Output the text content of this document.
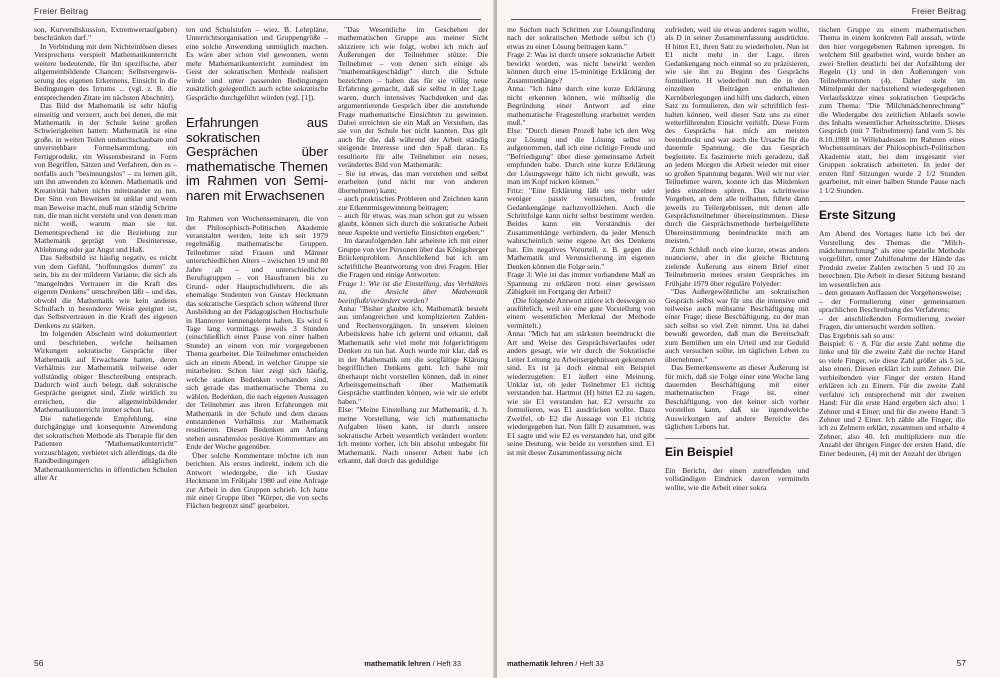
Freier Beitrag

son, Kurvendiskussion, Extremwertaufgaben) beschränken darf."

In Verbindung mit dem Nichteinlösen dieses Versprechens verspielt Mathematikunterricht weitere bedeutende, für ihn spezifische, aber allgemeinbildende Chancen: Selbstvergewisserung des eigenen Erkennens, Einsicht in die Bedingungen des Irrtums ... (vgl. z. B. die entsprechenden Zitate im nächsten Abschnitt).

Das Bild der Mathematik ist sehr häufig einseitig und verzerrt, auch bei denen, die mit Mathematik in der Schule keine großen Schwierigkeiten hatten: Mathematik ist eine große, in weiten Teilen undurchschaubare und unverstehbare Formelsammlung, ein Fertigprodukt, ein Wissensbestand in Form von Begriffen, Sätzen und Verfahren, den es – notfalls auch "besinnungslos" – zu lernen gilt, um ihn anwenden zu können. Mathematik und Kreativität haben nichts miteinander zu tun. Der Sinn von Beweisen ist unklar und wenn man Beweise macht, muß man ständig Schritte tun, die man nicht versteht und von denen man nicht weiß, warum man sie tut. Dementsprechend ist die Beziehung zur Mathematik geprägt von Desinteresse, Ablehnung oder gar Angst und Haß.

Das Selbstbild ist häufig negativ, es reicht von dem Gefühl, "hoffnungslos dumm" zu sein, bis zu der milderen Variante, die sich als "mangelndes Vertrauen in die Kraft des eigenen Denkens" umschreiben läßt – und das, obwohl die Mathematik wie kein anderes Schulfach in besonderer Weise geeignet ist, das Selbstvertrauen in die Kraft des eigenen Denkens zu stärken.

Im folgenden Abschnitt wird dokumentiert und beschrieben, welche heilsamen Wirkungen sokratische Gespräche über Mathematik auf Erwachsene hatten, deren Verhältnis zur Mathematik teilweise oder vollständig obiger Beschreibung entsprach. Dadurch wird auch belegt, daß sokratische Gespräche geeignet sind, Ziele wirklich zu erreichen, die allgemeinbildender Mathematikunterricht immer schon hat.

Die naheliegende Empfehlung, eine durchgängige und konsequente Anwendung der sokratischen Methode als Therapie für den Patienten "Mathematikunterricht" vorzuschlagen, verbietet sich allerdings, da die Randbedingungen alltäglichen Mathematikunterrichts in öffentlichen Schulen aller Ar

ten und Schulstufen – wiez. B. Lehrpläne, Unterrichtsorganisation und Gruppengröße – eine solche Anwendung unmöglich machen. Es wäre aber schon viel gewonnen, wenn mehr Mathematikunterricht zumindest im Geist der sokratischen Methode realisiert würde und unter passenden Bedingungen zusätzlich gelegentlich auch echte sokratische Gespräche durchgeführt würden (vgl. [1]).

Erfahrungen aus sokratischen Gesprächen über mathematische Themen im Rahmen von Seminaren mit Erwachsenen

Im Rahmen von Wochenseminaren, die von der Philosophisch-Politischen Akademie veranstaltet werden, leite ich seit 1979 regelmäßig mathematische Gruppen. Teilnehmer sind Frauen und Männer unterschiedlichen Alters – zwischen 19 und 80 Jahre alt – und unterschiedlicher Berufsgruppen – von Hausfrauen bis zu Grund- oder Hauptschullehrern, die als ehemalige Studenten von Gustav Heckmann das sokratische Gespräch schon während ihrer Ausbildung an der Pädagogischen Hochschule in Hannover kennengelernt haben. Es wird 6 Tage lang vormittags jeweils 3 Stunden (einschließlich einer Pause von einer halben Stunde) an einem von mir vorgegebenen Thema gearbeitet. Die Teilnehmer entscheiden sich an einem Abend, in welcher Gruppe sie mitarbeiten. Schon hier zeigt sich häufig, welche starken Bedenken vorhanden sind, sich gerade das mathematische Thema zu wählen. Bedenken, die nach eigenen Aussagen der Teilnehmer aus ihren Erfahrungen mit Mathematik in der Schule und dem daraus entstandenen Verhältnis zur Mathematik resultieren. Diesen Bedenken am Anfang stehen ausnahmslos positive Kommentare am Ende der Woche gegenüber.

Über solche Kommentare möchte ich nun berichten. Als erstes indirekt, indem ich die Antwort wiedergebe, die ich Gustav Heckmann im Frühjahr 1980 auf eine Anfrage zur Arbeit in den Gruppen schrieb. Ich hatte mit einer Gruppe über "Körper, die von sechs Flächen begrenzt sind" gearbeitet.

"Das Wesentliche im Geschehen der mathematischen Gruppe aus meiner Sicht skizziere ich wie folgt, wobei ich mich auf Äußerungen der Teilnehmer stütze: Die Teilnehmer – von denen sich einige als "mathematikgeschädigt" durch die Schule bezeichnen – haben das für sie völlig neue Erfahrung gemacht, daß sie selbst in der Lage waren, durch intensives Nachdenken und das argumentierende Gespräch über die anstehende Frage mathematische Einsichten zu gewinnen. Dabei erreichten sie ein Maß an Verstehen, das sie von der Schule her nicht kannten. Das gilt auch für die, daß während der Arbeit ständig steigende Interesse und den Spaß daran. Es resultierte für alle Teilnehmer ein neues, verändertes Bild von Mathematik:

– Sie ist etwas, das man verstehen und selbst erarbeiten (und nicht nur von anderen übernehmen) kann;

– auch praktisches Probleren und Zeichnen kann zur Erkenntnisgewinnung beitragen;

– auch für etwas, was man schon gut zu wissen glaubt, können sich durch die sokratische Arbeit neue Aspekte und vertiefte Einsichten ergeben."

Im daraufolgenden Jahr arbeitete ich mit einer Gruppe von vier Personen über das Königsberger Brückenproblem. Anschließend bat ich um schriftliche Beantwortung von drei Fragen. Hier die Fragen und einige Antworten:

Frage 1: Wie ist die Einstellung, das Verhältnis zu, die Ansicht über Mathematik beeinflußt/verändert worden?

Anna: "Bisher glaubte ich, Mathematik besteht aus umfangreichen und komplizierten Zahlen- und Rechenvorgängen. In unserem kleinen Arbeitskreis habe ich gelernt und erkannt, daß Mathematik sehr viel mehr mit folgerichtigem Denken zu tun hat. Auch wurde mir klar, daß es in der Mathematik um die sorgfältige Klärung begrifflichen Denkens geht. Ich habe mir überhaupt nicht vorstellen können, daß in einer Arbeitsgemeinschaft über Mathematik Gespräche stattfinden können, wie wir sie erlebt haben."

Else: "Meine Einstellung zur Mathematik, d. h. meine Vorstellung, wie ich mathematische Aufgaben lösen kann, ist durch unsere sokratische Arbeit wesentlich verändert worden: Ich meinte vorher, ich bin absolut unbegabt für Mathematik. Nach unserer Arbeit habe ich erkannt, daß durch das geduldige

56	mathematik lehren / Heft 33
Freier Beitrag

me Suchen nach Schritten zur Lösungsfindung nach der sokratischen Methode selbst ich (!) etwas zu einer Lösung beitragen kann."

Frage 2: Was ist durch unsere sokratische Arbeit bewirkt worden, was nicht bewirkt werden können durch eine 15-minütige Erklärung der Zusammenhänge?

Anna: "Ich hätte durch eine kurze Erklärung nicht erkennen können, wie mühselig die Begründung einer Antwort auf eine mathematische Fragestellung erarbeitet werden muß."

Else: "Durch diesen Prozeß habe ich den Weg zur Lösung und die Lösung selbst so aufgenommen, daß ich eine richtige Freude und "Befriedigung" über diese gemeinsame Arbeit empfunden habe. Durch eine kurze Erklärung der Lösungswege hätte ich nicht gewußt, was man im Kopf nicken können."

Fritz: "Eine Erklärung läßt uns mehr oder weniger passiv versuchen, fremde Gedankengänge nachzuvollziehen. Auch die Schrittfolge kann nicht selbst bestimmt werden. Beides kann ein Verständnis der Zusammenhänge verhindern, da jeder Mensch wahrscheinlich seine eigene Art des Denkens hat. Ein negatives Vorurteil, z. B. gegen die Mathematik und Verunsicherung im eigenen Denken können die Folge sein."

Frage 3: Wie ist das immer vorhandene Maß an Spannung zu erklären trotz einer gewissen Zähigkeit im Fortgang der Arbeit?

(Die folgende Antwort zitiere ich deswegen so ausführlich, weil sie eine gute Vorstellung von einem wesentlichen Merkmal der Methode vermittelt.)

Anna: "Mich hat am stärksten beeindruckt die Art und Weise des Gesprächsverlaufes oder anders gesagt, wie wir durch die Sokratische Leiter Leitung zu Arbeitsergebnissen gekommen sind. Es ist ja doch einmal ein Beispiel wiederzugeben: E1 äußert eine Meinung. Unklar ist, ob jeder Teilnehmer E1 richtig verstanden hat. Hartmut (H) bittet E2 zu sagen, wie sie E1 verstanden hat. E2 versucht zu formulieren, was E1 ausdrücken wollte. Dazu Zweifel, ob E2 die Aussage von E1 richtig wiedergegeben hat. Nun fällt D zusammen, was E1 sagte und wie E2 es verstanden hat, und gibt seine Deutung, wie beide zu verstehen sind. E1 ist mit dieser Zusammenfassung nicht

zufrieden, weil sie etwas anderes sagen wollte, als D in seiner Zusammenfassung ausdrückte. H bittet E1, ihren Satz zu wiederholen. Nun ist E1 nicht mehr in der Lage, ihren Gedankengang noch einmal so zu präzisieren, wie sie ihn zu Beginn des Gesprächs formulierte. H wiederholt nun die in den einzelnen Beiträgen enthaltenen Kernüberlegungen und hilft uns dadurch, einen Satz zu formulieren, den wir schriftlich festhalten können, weil dieser Satz uns zu einer weiterführenden Einsicht verhilft. Diese Form des Gesprächs hat mich am meisten beeindruckt und war auch die Ursache für die dauernde Spannung, die das Gespräch begleitete. Es faszinierte mich geradezu, daß an jedem Morgen die Arbeit wieder mit einer so großen Spannung begann. Weil wir nur vier Teilnehmer waren, konnte ich das Mitdenken jedes einzelnen spüren. Das schrittweise Vorgehen, an dem alle teilhatten, führte dann jeweils zu Teilergebnissen, mit denen alle Gesprächsteilnehmer übereinstimmten. Diese durch die Gesprächsmethode herbeigeführte Übereinstimmung beeindruckte mich am meisten."

Zum Schluß noch eine kurze, etwas anders nuancierte, aber in die gleiche Richtung zielende Äußerung aus einem Brief einer Teilnehmerin meines ersten Gespräches im Frühjahr 1979 über reguläre Polyeder:

"Das Außergewöhnliche am sokratischen Gespräch selbst war für uns die intensive und teilweise auch mühsame Beschäftigung mit einer Frage; diese Beschäftigung, zu der man sich selbst so viel Zeit nimmt. Uns ist dabei bewußt geworden, daß man die Bereitschaft zum Bemühen um ein Urteil und zur Geduld auch versuchen sollte, im täglichen Leben zu übernehmen."

Das Bemerkenswerte an dieser Äußerung ist für mich, daß sie Folge einer eine Woche lang dauernden Beschäftigung mit einer mathematischen Frage ist, einer Beschäftigung, von der keiner sich vorher vorstellen kann, daß sie irgendwelche Auswirkungen auf andere Bereiche des täglichen Lebens hat.

Ein Beispiel

Ein Bericht, der einen zutreffenden und vollständigen Eindruck davon vermitteln wollte, wie die Arbeit einer sokra

tischen Gruppe zu einem mathematischen Thema in einem konkreten Fall aussah, würde den hier vorgegebenen Rahmen sprengen. In welchem Stil gearbeitet wird, wurde bisher an zwei Stellen deutlich: bei der Aufzählung der Regeln (1) und in den Äußerungen von Teilnehmerinnen (4). Daher steht im Mittelpunkt der nachstehend wiedergegebenen Verlaufsskizze eines sokratischen Gesprächs zum Thema: "Die 'Milchmädchenrechnung'" die Wiedergabe des zeitlichen Ablaufs sowie des Inhalts wesentlicher Arbeitsschritte. Dieses Gespräch (mit 7 Teilnehmern) fand vom 5. bis 8.10.1988 in Willebadessen im Rahmen eines Wochenseminars der Philosophisch-Politischen Akademie statt, bei dem insgesamt vier Gruppen sokratisch arbeiteten. In jeder der ersten fünf Sitzungen wurde 2 1/2 Stunden gearbeitet, mit einer halben Stunde Pause nach 1 1/2 Stunden.

Erste Sitzung

Am Abend des Vortages hatte ich bei der Vorstellung des Themas die "Milchmädchenrechnung" als eine spezielle Methode vorgeführt, unter Zuhilfenahme der Hände das Produkt zweier Zahlen zwischen 5 und 10 zu berechnen. Die Arbeit in dieser Sitzung bestand im wesentlichen aus

– dem genauen Auffassen der Vorgehensweise;

– der Formulierung einer gemeinsamen sprachlichen Beschreibung des Verfahrens;

– der anschließenden Formulierung zweier Fragen, die untersucht werden sollten.

Das Ergebnis sah so aus:

Beispiel: 6 · 8. Für die erste Zahl nehme die linke und für die zweite Zahl die rechte Hand so viele Finger, wie diese Zahl größer als 5 ist, also einen. Diesen erklärt ich zum Zehner. Die verbleibenden vier Finger der ersten Hand erklären ich zu Einern. Für die zweite Zahl verfahre ich entsprechend mit der zweiten Hand: Für die erste Hand ergeben sich also: 1 Zehner und 4 Einer; und für die zweite Hand: 3 Zehner und 2 Einer. Ich zähle alle Finger, die ich zu Zehnern erklärt, zusammen und erhalte 4 Zehner, also 40. Ich multipliziere nun die Anzahl der übrigen Finger der ersten Hand, die Einer bedeuten, (4) mit der Anzahl der übrigen

mathematik lehren / Heft 33	57
